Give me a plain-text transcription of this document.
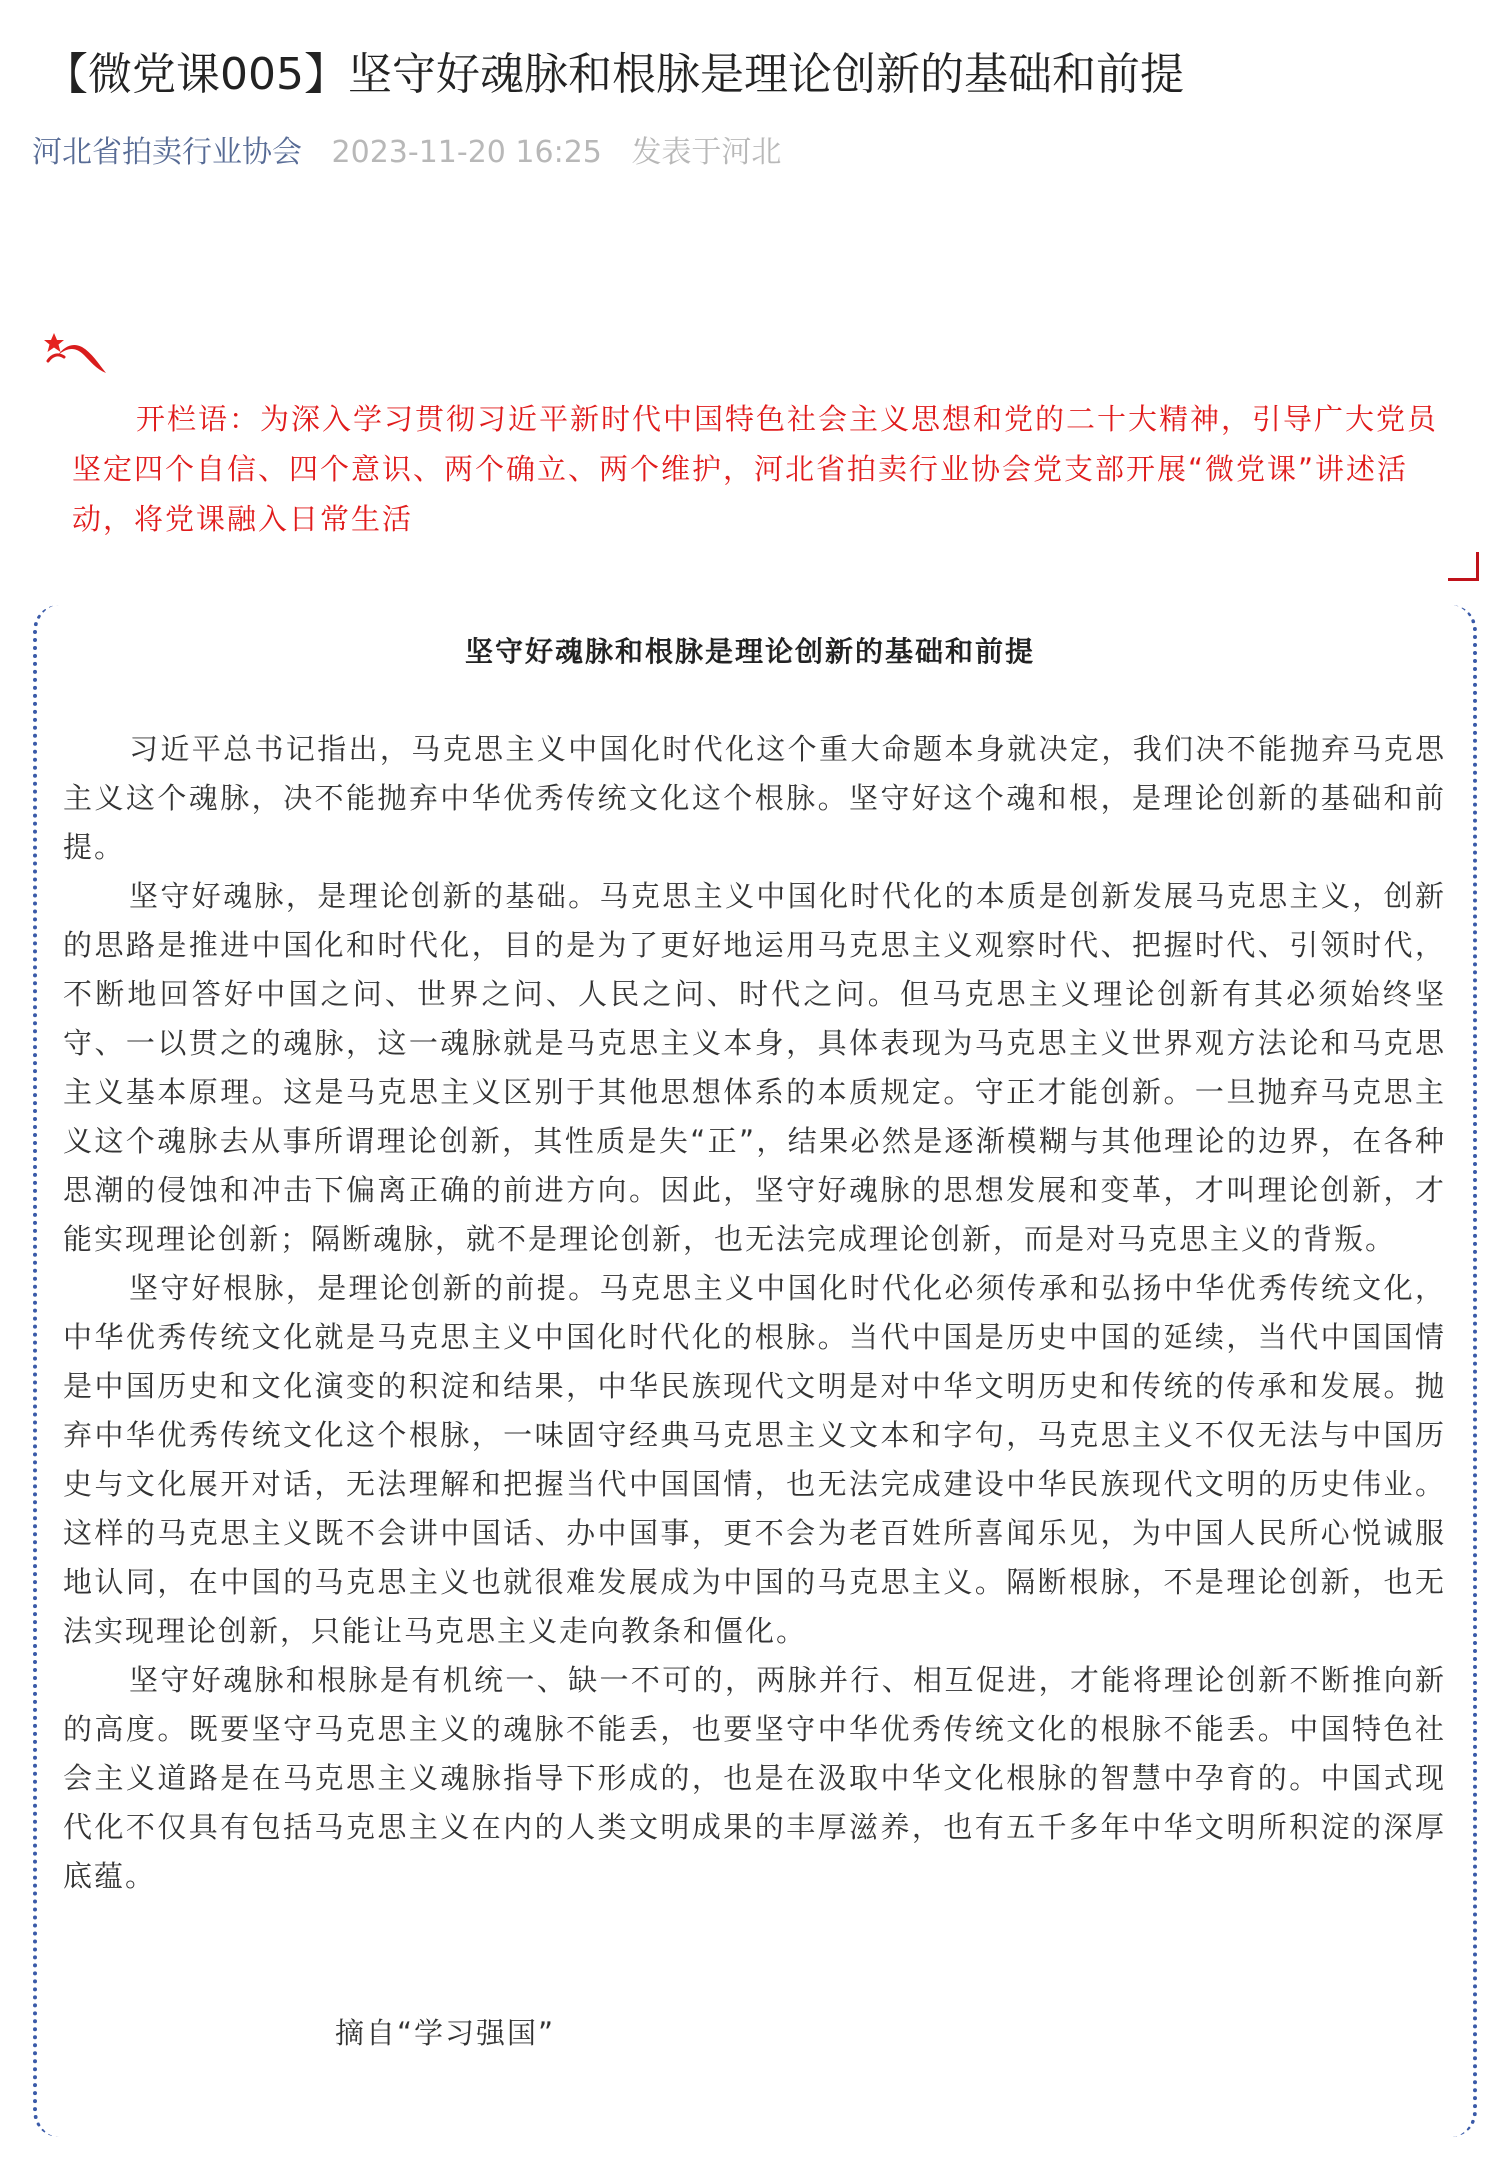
【微党课005】坚守好魂脉和根脉是理论创新的基础和前提
河北省拍卖行业协会 2023-11-20 16:25 发表于河北

开栏语：为深入学习贯彻习近平新时代中国特色社会主义思想和党的二十大精神，引导广大党员坚定四个自信、四个意识、两个确立、两个维护，河北省拍卖行业协会党支部开展“微党课”讲述活动，将党课融入日常生活

坚守好魂脉和根脉是理论创新的基础和前提

习近平总书记指出，马克思主义中国化时代化这个重大命题本身就决定，我们决不能抛弃马克思主义这个魂脉，决不能抛弃中华优秀传统文化这个根脉。坚守好这个魂和根，是理论创新的基础和前提。

坚守好魂脉，是理论创新的基础。马克思主义中国化时代化的本质是创新发展马克思主义，创新的思路是推进中国化和时代化，目的是为了更好地运用马克思主义观察时代、把握时代、引领时代，不断地回答好中国之问、世界之问、人民之问、时代之问。但马克思主义理论创新有其必须始终坚守、一以贯之的魂脉，这一魂脉就是马克思主义本身，具体表现为马克思主义世界观方法论和马克思主义基本原理。这是马克思主义区别于其他思想体系的本质规定。守正才能创新。一旦抛弃马克思主义这个魂脉去从事所谓理论创新，其性质是失“正”，结果必然是逐渐模糊与其他理论的边界，在各种思潮的侵蚀和冲击下偏离正确的前进方向。因此，坚守好魂脉的思想发展和变革，才叫理论创新，才能实现理论创新；隔断魂脉，就不是理论创新，也无法完成理论创新，而是对马克思主义的背叛。

坚守好根脉，是理论创新的前提。马克思主义中国化时代化必须传承和弘扬中华优秀传统文化，中华优秀传统文化就是马克思主义中国化时代化的根脉。当代中国是历史中国的延续，当代中国国情是中国历史和文化演变的积淀和结果，中华民族现代文明是对中华文明历史和传统的传承和发展。抛弃中华优秀传统文化这个根脉，一味固守经典马克思主义文本和字句，马克思主义不仅无法与中国历史与文化展开对话，无法理解和把握当代中国国情，也无法完成建设中华民族现代文明的历史伟业。这样的马克思主义既不会讲中国话、办中国事，更不会为老百姓所喜闻乐见，为中国人民所心悦诚服地认同，在中国的马克思主义也就很难发展成为中国的马克思主义。隔断根脉，不是理论创新，也无法实现理论创新，只能让马克思主义走向教条和僵化。

坚守好魂脉和根脉是有机统一、缺一不可的，两脉并行、相互促进，才能将理论创新不断推向新的高度。既要坚守马克思主义的魂脉不能丢，也要坚守中华优秀传统文化的根脉不能丢。中国特色社会主义道路是在马克思主义魂脉指导下形成的，也是在汲取中华文化根脉的智慧中孕育的。中国式现代化不仅具有包括马克思主义在内的人类文明成果的丰厚滋养，也有五千多年中华文明所积淀的深厚底蕴。

摘自“学习强国”
